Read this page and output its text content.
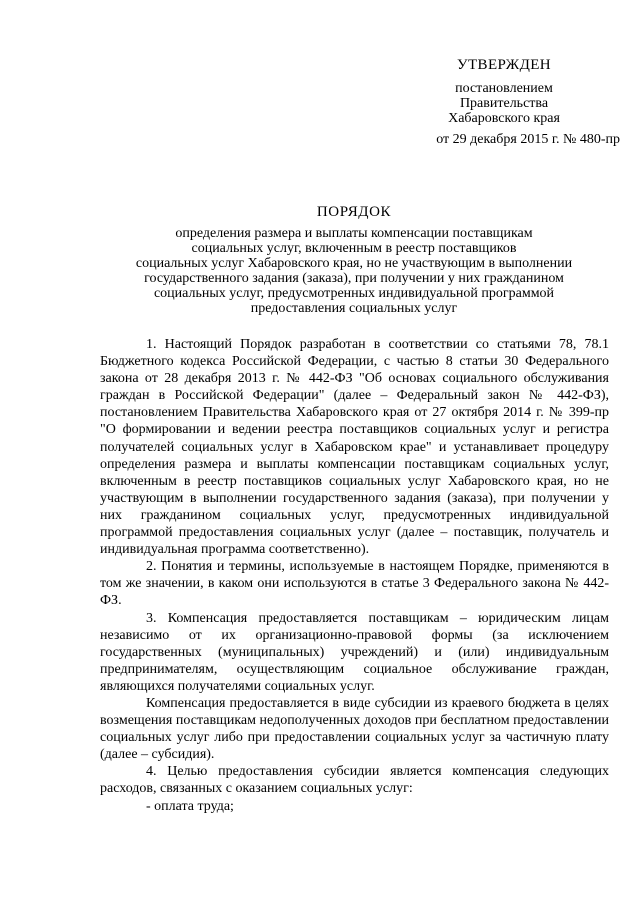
УТВЕРЖДЕН
постановлением
Правительства
Хабаровского края
от 29 декабря 2015 г. № 480-пр
ПОРЯДОК
определения размера и выплаты компенсации поставщикам
социальных услуг, включенным в реестр поставщиков
социальных услуг Хабаровского края, но не участвующим в выполнении
государственного задания (заказа), при получении у них гражданином
социальных услуг, предусмотренных индивидуальной программой
предоставления социальных услуг

1. Настоящий Порядок разработан в соответствии со статьями 78, 78.1 Бюджетного кодекса Российской Федерации, с частью 8 статьи 30 Федерального закона от 28 декабря 2013 г. № 442-ФЗ "Об основах социального обслуживания граждан в Российской Федерации" (далее – Федеральный закон № 442-ФЗ), постановлением Правительства Хабаровского края от 27 октября 2014 г. № 399-пр "О формировании и ведении реестра поставщиков социальных услуг и регистра получателей социальных услуг в Хабаровском крае" и устанавливает процедуру определения размера и выплаты компенсации поставщикам социальных услуг, включенным в реестр поставщиков социальных услуг Хабаровского края, но не участвующим в выполнении государственного задания (заказа), при получении у них гражданином социальных услуг, предусмотренных индивидуальной программой предоставления социальных услуг (далее – поставщик, получатель и индивидуальная программа соответственно).

2. Понятия и термины, используемые в настоящем Порядке, применяются в том же значении, в каком они используются в статье 3 Федерального закона № 442-ФЗ.

3. Компенсация предоставляется поставщикам – юридическим лицам независимо от их организационно-правовой формы (за исключением государственных (муниципальных) учреждений) и (или) индивидуальным предпринимателям, осуществляющим социальное обслуживание граждан, являющихся получателями социальных услуг.

Компенсация предоставляется в виде субсидии из краевого бюджета в целях возмещения поставщикам недополученных доходов при бесплатном предоставлении социальных услуг либо при предоставлении социальных услуг за частичную плату (далее – субсидия).

4. Целью предоставления субсидии является компенсация следующих расходов, связанных с оказанием социальных услуг:

- оплата труда;
